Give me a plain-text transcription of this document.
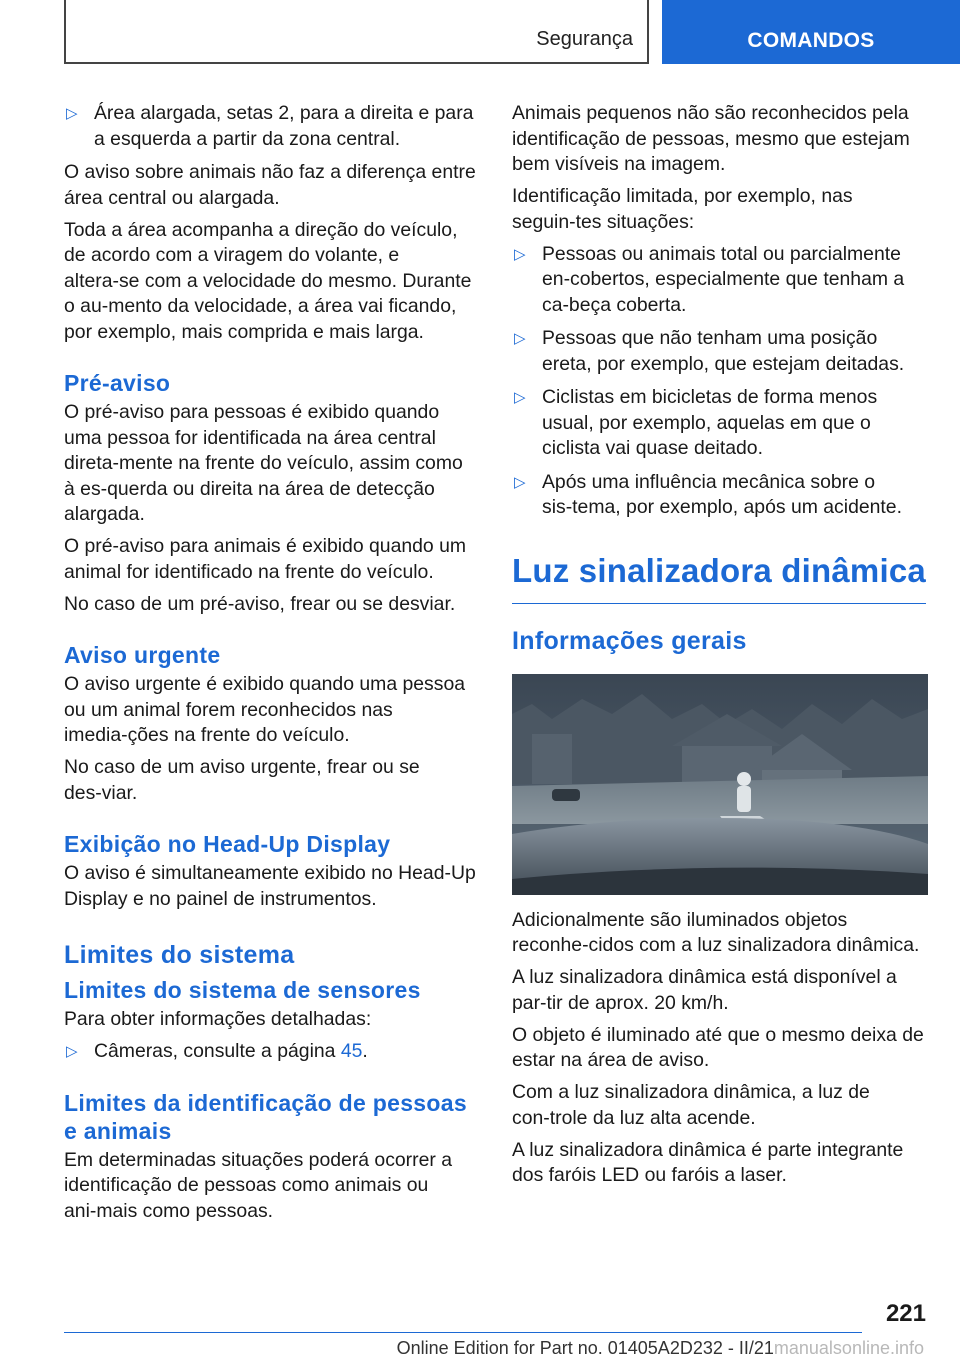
Segurança	COMANDOS
▷ Área alargada, setas 2, para a direita e para a esquerda a partir da zona central.

O aviso sobre animais não faz a diferença entre área central ou alargada.

Toda a área acompanha a direção do veículo, de acordo com a viragem do volante, e altera‑se com a velocidade do mesmo. Durante o au‑mento da velocidade, a área vai ficando, por exemplo, mais comprida e mais larga.

Pré‑aviso

O pré‑aviso para pessoas é exibido quando uma pessoa for identificada na área central direta‑mente na frente do veículo, assim como à es‑querda ou direita na área de detecção alargada.

O pré‑aviso para animais é exibido quando um animal for identificado na frente do veículo.

No caso de um pré‑aviso, frear ou se desviar.

Aviso urgente

O aviso urgente é exibido quando uma pessoa ou um animal forem reconhecidos nas imedia‑ções na frente do veículo.

No caso de um aviso urgente, frear ou se des‑viar.

Exibição no Head‑Up Display

O aviso é simultaneamente exibido no Head‑Up Display e no painel de instrumentos.

Limites do sistema
Limites do sistema de sensores

Para obter informações detalhadas:

▷ Câmeras, consulte a página 45.
Limites da identificação de pessoas e animais

Em determinadas situações poderá ocorrer a identificação de pessoas como animais ou ani‑mais como pessoas.

Animais pequenos não são reconhecidos pela identificação de pessoas, mesmo que estejam bem visíveis na imagem.

Identificação limitada, por exemplo, nas seguin‑tes situações:

▷ Pessoas ou animais total ou parcialmente en‑cobertos, especialmente que tenham a ca‑beça coberta.
▷ Pessoas que não tenham uma posição ereta, por exemplo, que estejam deitadas.
▷ Ciclistas em bicicletas de forma menos usual, por exemplo, aquelas em que o ciclista vai quase deitado.
▷ Após uma influência mecânica sobre o sis‑tema, por exemplo, após um acidente.
Luz sinalizadora dinâmica
Informações gerais

Adicionalmente são iluminados objetos reconhe‑cidos com a luz sinalizadora dinâmica.

A luz sinalizadora dinâmica está disponível a par‑tir de aprox. 20 km/h.

O objeto é iluminado até que o mesmo deixa de estar na área de aviso.

Com a luz sinalizadora dinâmica, a luz de con‑trole da luz alta acende.

A luz sinalizadora dinâmica é parte integrante dos faróis LED ou faróis a laser.

221
Online Edition for Part no. 01405A2D232 - II/21manualsonline.info
